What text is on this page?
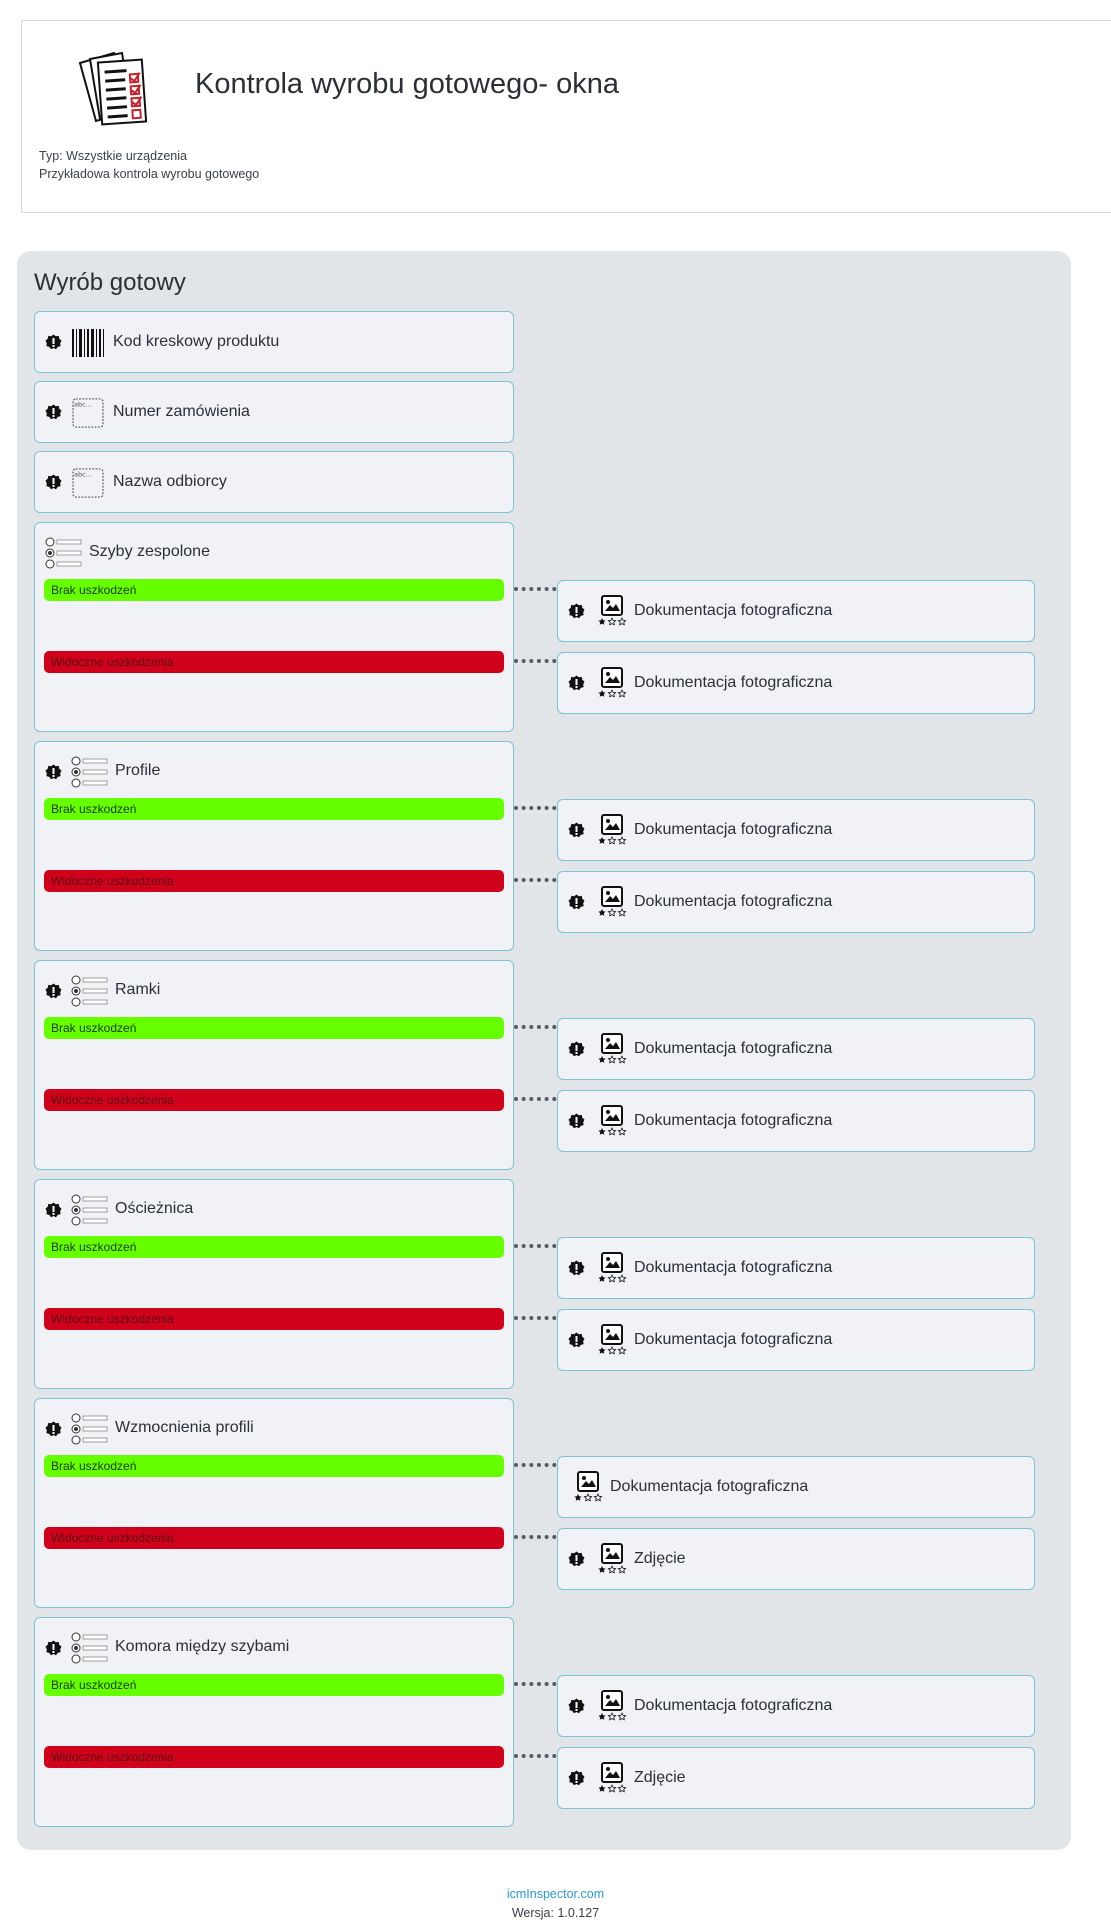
Kontrola wyrobu gotowego- okna
Typ: Wszystkie urządzenia
Przykładowa kontrola wyrobu gotowego
Wyrób gotowy
Kod kreskowy produktu
abc... Numer zamówienia
abc... Nazwa odbiorcy
Szyby zespolone
Brak uszkodzeń
Widoczne uszkodzenia
Dokumentacja fotograficzna
Dokumentacja fotograficzna
Profile
Brak uszkodzeń
Widoczne uszkodzenia
Dokumentacja fotograficzna
Dokumentacja fotograficzna
Ramki
Brak uszkodzeń
Widoczne uszkodzenia
Dokumentacja fotograficzna
Dokumentacja fotograficzna
Ościeżnica
Brak uszkodzeń
Widoczne uszkodzenia
Dokumentacja fotograficzna
Dokumentacja fotograficzna
Wzmocnienia profili
Brak uszkodzeń
Widoczne uszkodzenia
Dokumentacja fotograficzna
Zdjęcie
Komora między szybami
Brak uszkodzeń
Widoczne uszkodzenia
Dokumentacja fotograficzna
Zdjęcie
icmInspector.com
Wersja: 1.0.127
